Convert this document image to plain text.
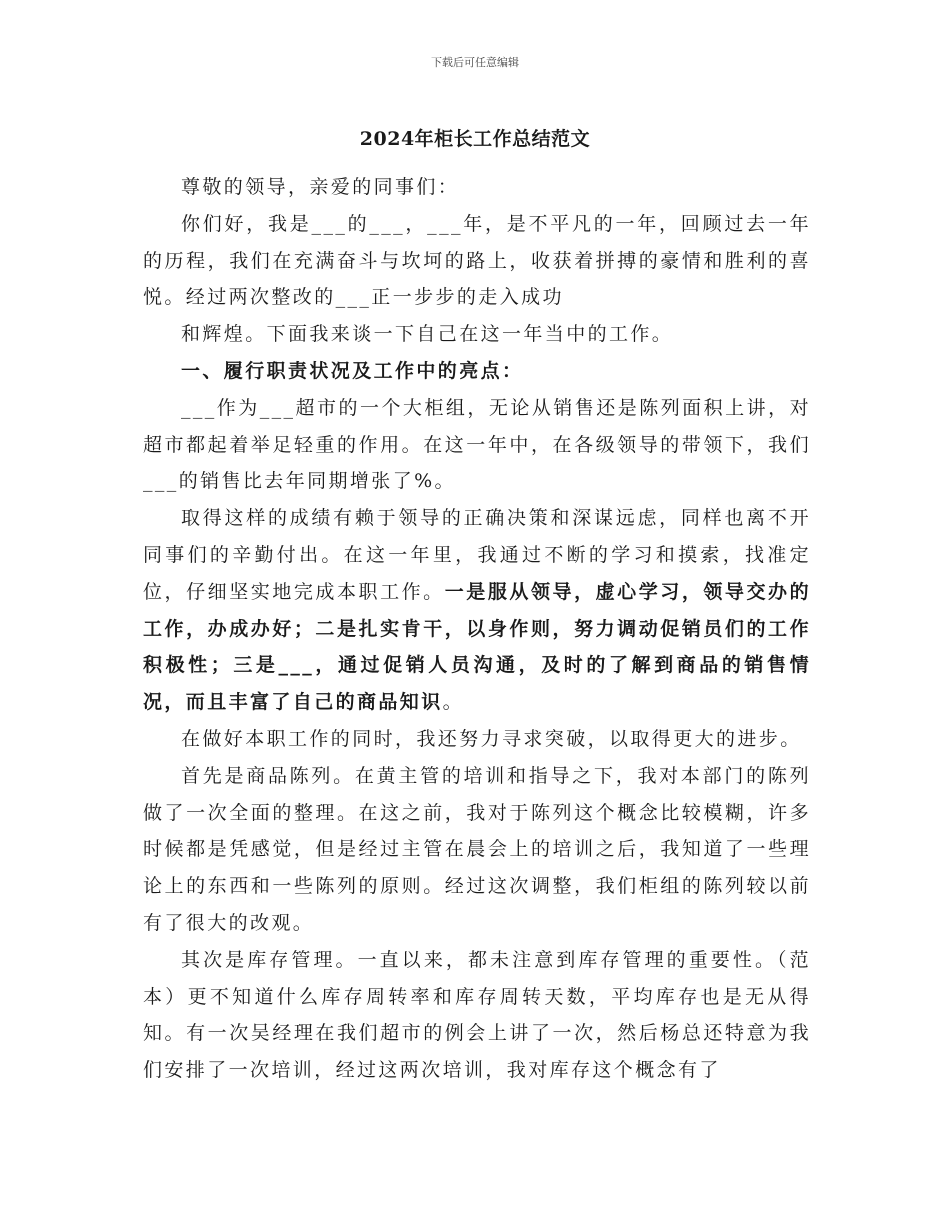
下载后可任意编辑
2024年柜长工作总结范文

尊敬的领导，亲爱的同事们：

你们好，我是___的___，___年，是不平凡的一年，回顾过去一年的历程，我们在充满奋斗与坎坷的路上，收获着拼搏的豪情和胜利的喜悦。经过两次整改的___正一步步的走入成功

和辉煌。下面我来谈一下自己在这一年当中的工作。

一、履行职责状况及工作中的亮点：

___作为___超市的一个大柜组，无论从销售还是陈列面积上讲，对超市都起着举足轻重的作用。在这一年中，在各级领导的带领下，我们___的销售比去年同期增张了%。

取得这样的成绩有赖于领导的正确决策和深谋远虑，同样也离不开同事们的辛勤付出。在这一年里，我通过不断的学习和摸索，找准定位，仔细坚实地完成本职工作。一是服从领导，虚心学习，领导交办的工作，办成办好；二是扎实肯干，以身作则，努力调动促销员们的工作积极性；三是___，通过促销人员沟通，及时的了解到商品的销售情况，而且丰富了自己的商品知识。

在做好本职工作的同时，我还努力寻求突破，以取得更大的进步。

首先是商品陈列。在黄主管的培训和指导之下，我对本部门的陈列做了一次全面的整理。在这之前，我对于陈列这个概念比较模糊，许多时候都是凭感觉，但是经过主管在晨会上的培训之后，我知道了一些理论上的东西和一些陈列的原则。经过这次调整，我们柜组的陈列较以前有了很大的改观。

其次是库存管理。一直以来，都未注意到库存管理的重要性。（范本）更不知道什么库存周转率和库存周转天数，平均库存也是无从得知。有一次吴经理在我们超市的例会上讲了一次，然后杨总还特意为我们安排了一次培训，经过这两次培训，我对库存这个概念有了
